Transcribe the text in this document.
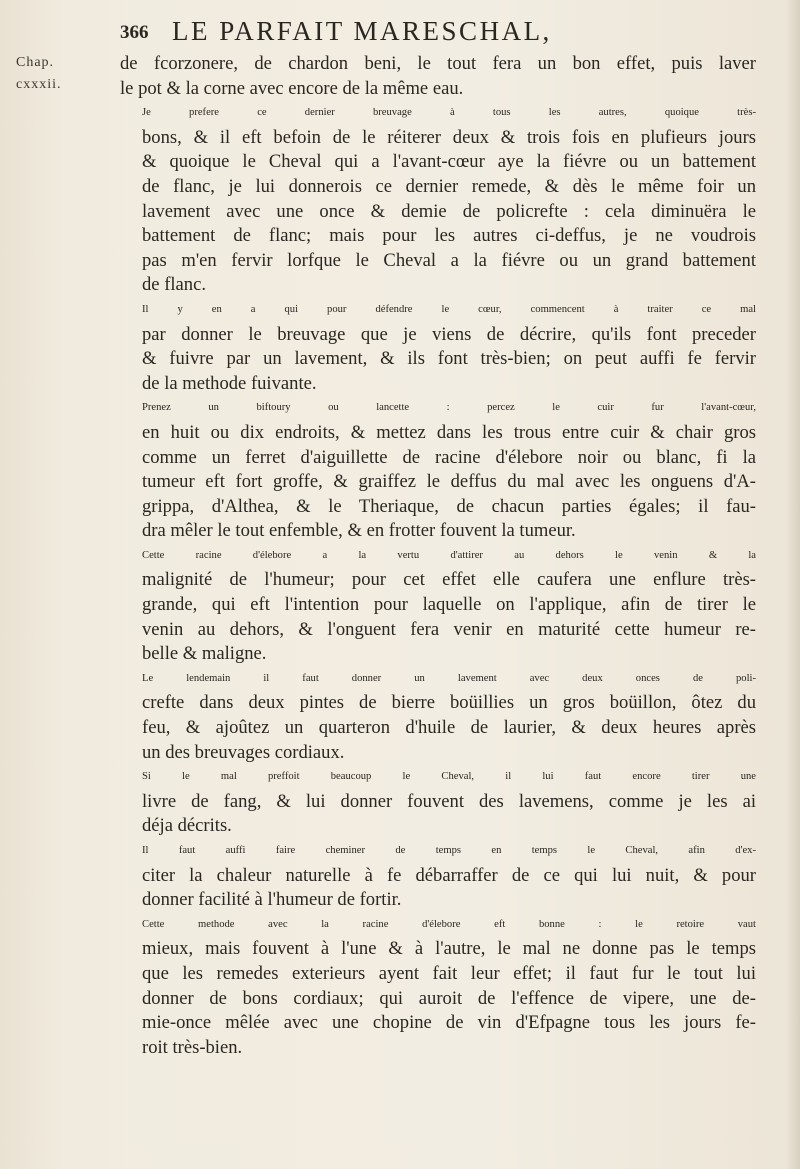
366 LE PARFAIT MARESCHAL,
Chap.
cxxxii.
de fcorzonere, de chardon beni, le tout fera un bon effet, puis laver
le pot & la corne avec encore de la même eau.
Je prefere ce dernier breuvage à tous les autres, quoique très-
bons, & il eft befoin de le réiterer deux & trois fois en plufieurs jours
& quoique le Cheval qui a l'avant-cœur aye la fiévre ou un battement
de flanc, je lui donnerois ce dernier remede, & dès le même foir un
lavement avec une once & demie de policrefte : cela diminuëra le
battement de flanc; mais pour les autres ci-deffus, je ne voudrois
pas m'en fervir lorfque le Cheval a la fiévre ou un grand battement
de flanc.
Il y en a qui pour défendre le cœur, commencent à traiter ce mal
par donner le breuvage que je viens de décrire, qu'ils font preceder
& fuivre par un lavement, & ils font très-bien; on peut auffi fe fervir
de la methode fuivante.
Prenez un biftoury ou lancette : percez le cuir fur l'avant-cœur,
en huit ou dix endroits, & mettez dans les trous entre cuir & chair gros
comme un ferret d'aiguillette de racine d'élebore noir ou blanc, fi la
tumeur eft fort groffe, & graiffez le deffus du mal avec les onguens d'A-
grippa, d'Althea, & le Theriaque, de chacun parties égales; il fau-
dra mêler le tout enfemble, & en frotter fouvent la tumeur.
Cette racine d'élebore a la vertu d'attirer au dehors le venin & la
malignité de l'humeur; pour cet effet elle caufera une enflure très-
grande, qui eft l'intention pour laquelle on l'applique, afin de tirer le
venin au dehors, & l'onguent fera venir en maturité cette humeur re-
belle & maligne.
Le lendemain il faut donner un lavement avec deux onces de poli-
crefte dans deux pintes de bierre boüillies un gros boüillon, ôtez du
feu, & ajoûtez un quarteron d'huile de laurier, & deux heures après
un des breuvages cordiaux.
Si le mal preffoit beaucoup le Cheval, il lui faut encore tirer une
livre de fang, & lui donner fouvent des lavemens, comme je les ai
déja décrits.
Il faut auffi faire cheminer de temps en temps le Cheval, afin d'ex-
citer la chaleur naturelle à fe débarraffer de ce qui lui nuit, & pour
donner facilité à l'humeur de fortir.
Cette methode avec la racine d'élebore eft bonne : le retoire vaut
mieux, mais fouvent à l'une & à l'autre, le mal ne donne pas le temps
que les remedes exterieurs ayent fait leur effet; il faut fur le tout lui
donner de bons cordiaux; qui auroit de l'effence de vipere, une de-
mie-once mêlée avec une chopine de vin d'Efpagne tous les jours fe-
roit très-bien.
